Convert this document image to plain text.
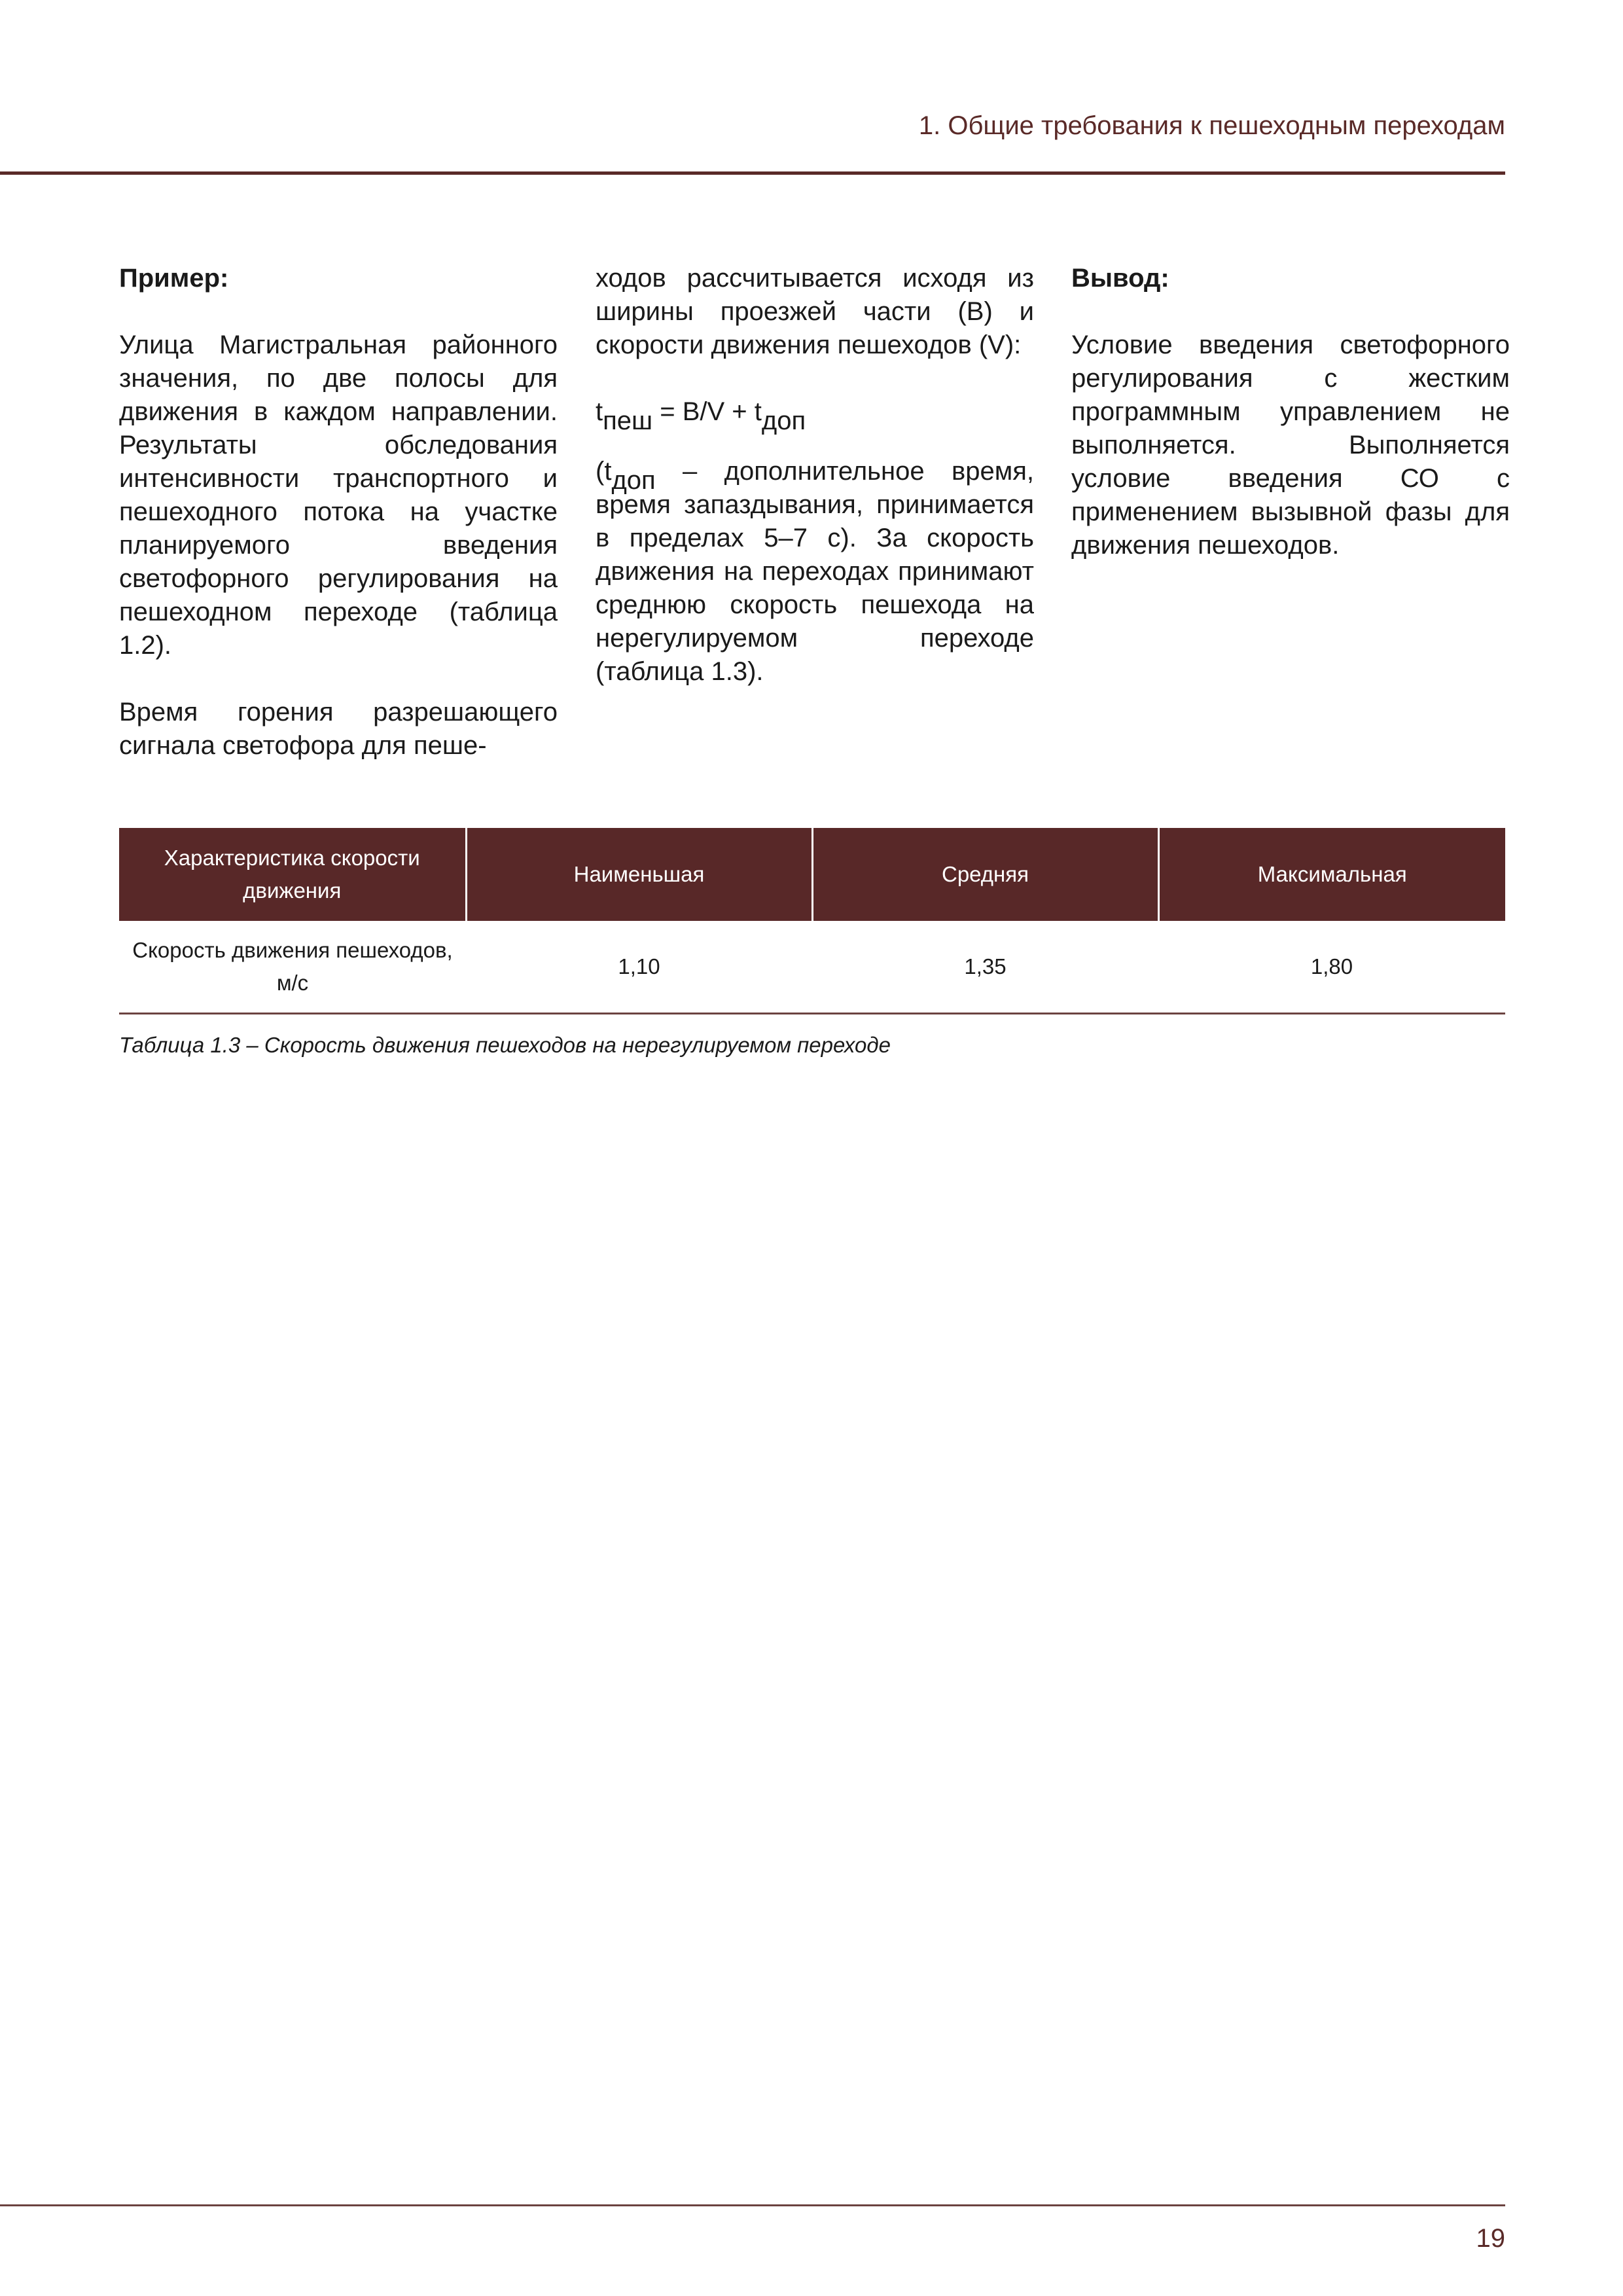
1. Общие требования к пешеходным переходам

Пример:

Улица Магистральная районного значения, по две полосы для движения в каждом направлении. Результаты обследования интенсивности транспортного и пешеходного потока на участке планируемого введения светофорного регулирования на пешеходном переходе (таблица 1.2).

Время горения разрешающего сигнала светофора для пеше-

ходов рассчитывается исходя из ширины проезжей части (B) и скорости движения пешеходов (V):

$t_{пеш} = B/V + t_{доп}$

($t_{доп}$ – дополнительное время, время запаздывания, принимается в пределах 5–7 с). За скорость движения на переходах принимают среднюю скорость пешехода на нерегулируемом переходе (таблица 1.3).

Вывод:

Условие введения светофорного регулирования с жестким программным управлением не выполняется. Выполняется условие введения СО с применением вызывной фазы для движения пешеходов.

Характеристика скорости движения	Наименьшая	Средняя	Максимальная
Скорость движения пешеходов, м/с	1,10	1,35	1,80
Таблица 1.3 – Скорость движения пешеходов на нерегулируемом переходе
19
